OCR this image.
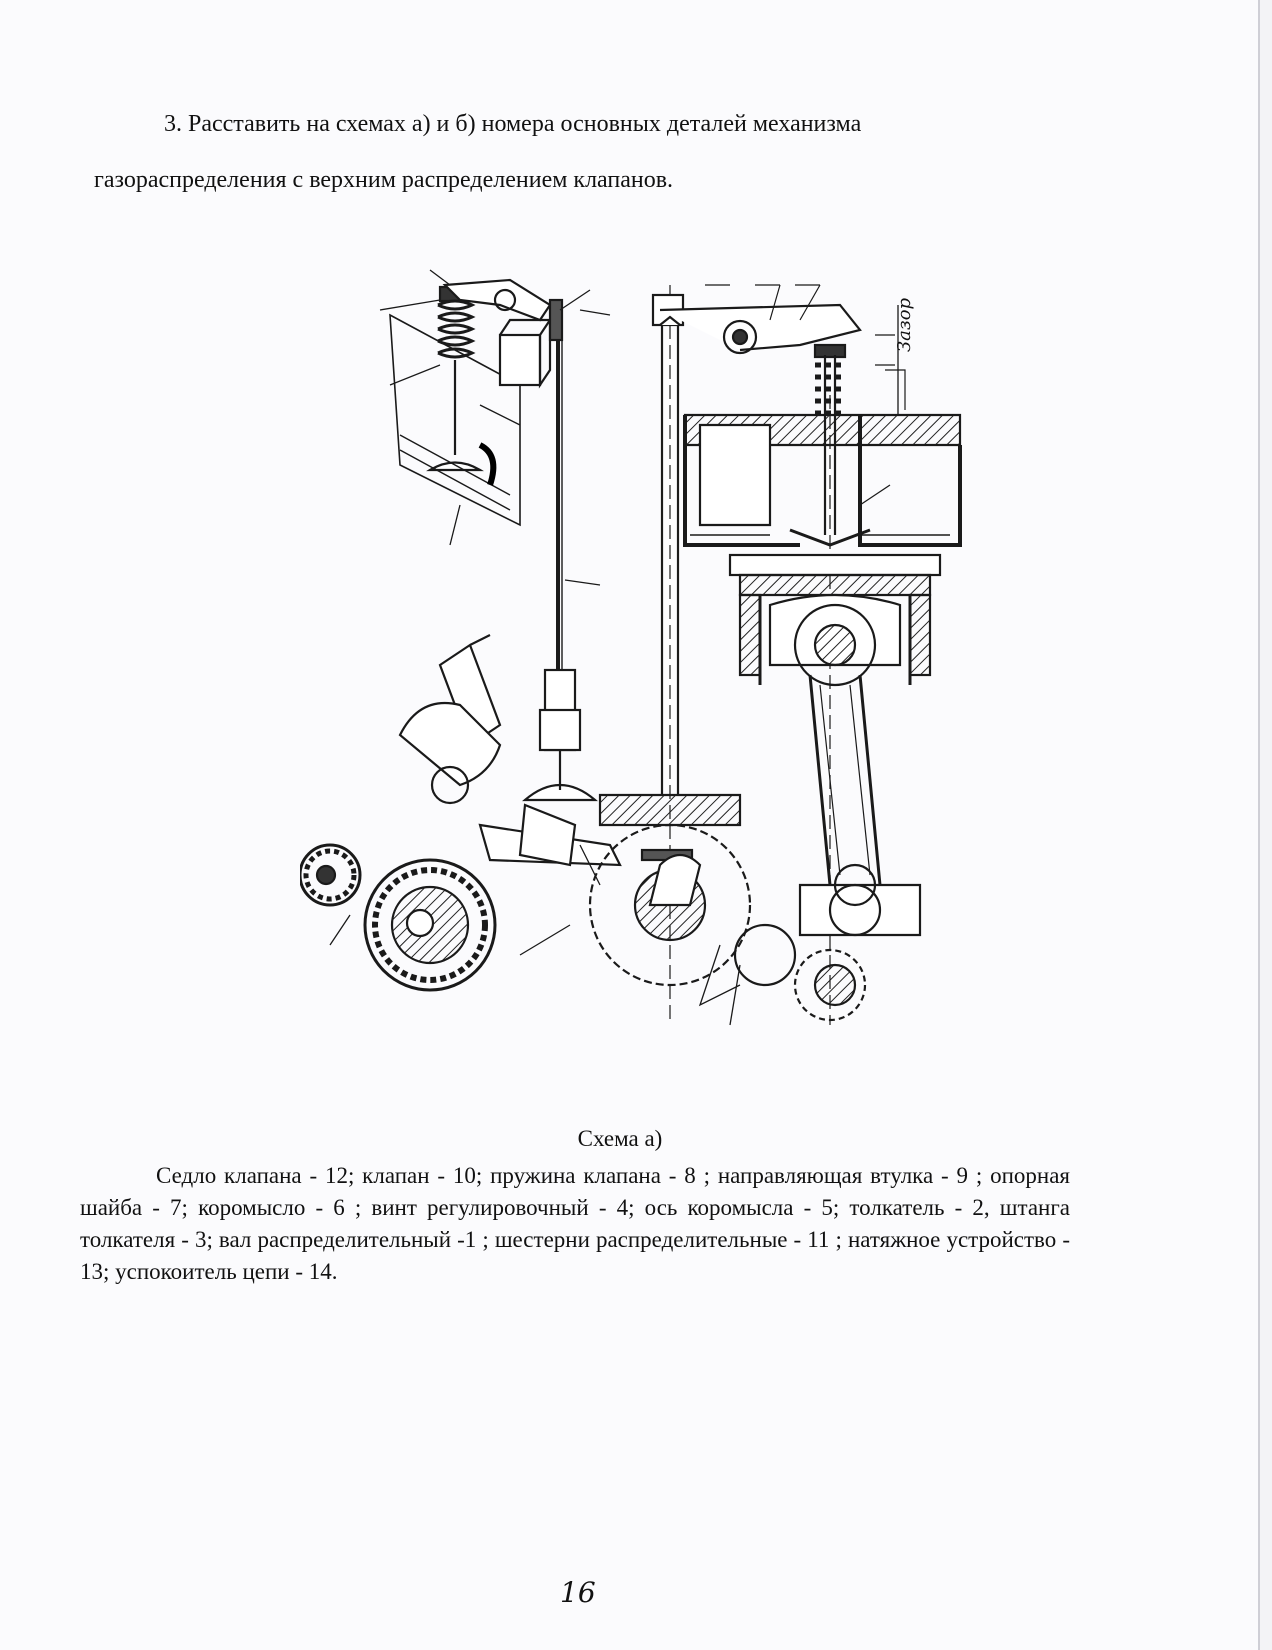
3. Расставить на схемах а) и б) номера основных деталей механизма
газораспределения с верхним распределением клапанов.
Зазор
Схема а)
Седло клапана - 12; клапан - 10; пружина клапана - 8 ; направляющая втулка - 9 ; опорная шайба - 7; коромысло - 6 ; винт регулировочный - 4; ось коромысла - 5; толкатель - 2, штанга толкателя - 3; вал распределительный -1 ; шестерни распределительные - 11 ; натяжное устройство - 13; успокоитель цепи - 14.
16
